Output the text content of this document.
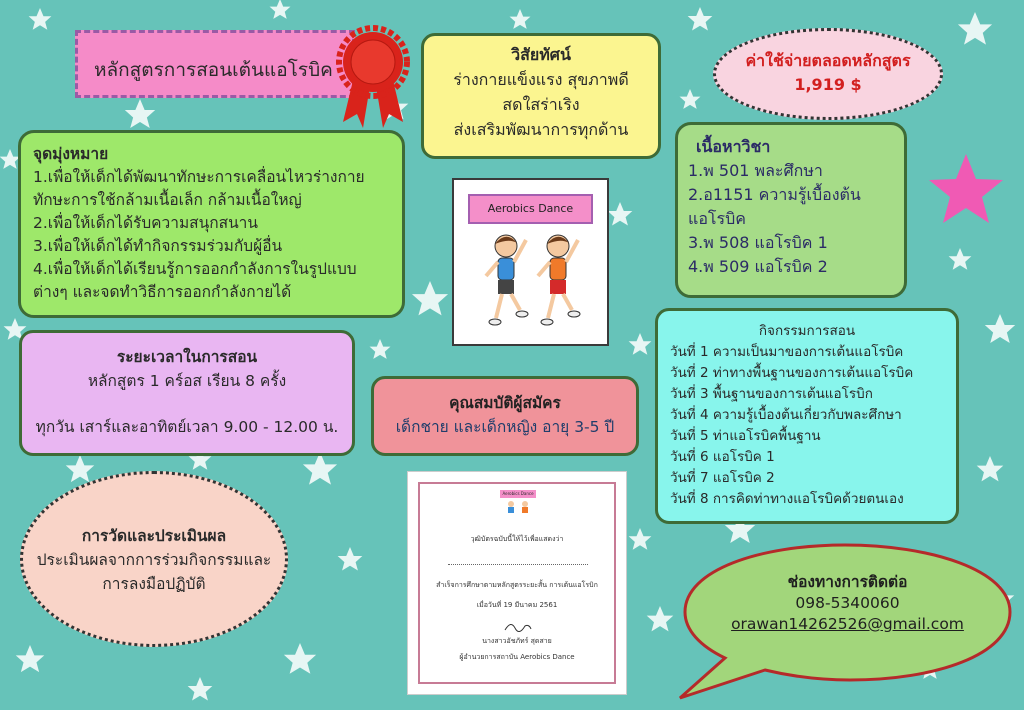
หลักสูตรการสอนเต้นแอโรบิค
วิสัยทัศน์
ร่างกายแข็งแรง สุขภาพดี
สดใสร่าเริง
ส่งเสริมพัฒนาการทุกด้าน
ค่าใช้จ่ายตลอดหลักสูตร
1,919 $
จุดมุ่งหมาย
1.เพื่อให้เด็กได้พัฒนาทักษะการเคลื่อนไหวร่างกาย
ทักษะการใช้กล้ามเนื้อเล็ก กล้ามเนื้อใหญ่
2.เพื่อให้เด็กได้รับความสนุกสนาน
3.เพื่อให้เด็กได้ทำกิจกรรมร่วมกับผู้อื่น
4.เพื่อให้เด็กได้เรียนรู้การออกกำลังการในรูปแบบ
ต่างๆ และจดทำวิธีการออกกำลังกายได้
Aerobics Dance
เนื้อหาวิชา
1.พ 501 พละศึกษา
2.อ1151 ความรู้เบื้องต้น
แอโรบิค
3.พ 508 แอโรบิค 1
4.พ 509 แอโรบิค 2
ระยะเวลาในการสอน
หลักสูตร 1 คร์อส เรียน 8 ครั้ง
ทุกวัน เสาร์และอาทิตย์เวลา 9.00 - 12.00 น.
คุณสมบัติผู้สมัคร
เด็กชาย และเด็กหญิง อายุ 3-5 ปี
กิจกรรมการสอน
วันที่ 1 ความเป็นมาของการเต้นแอโรบิค
วันที่ 2 ท่าทางพื้นฐานของการเต้นแอโรบิค
วันที่ 3 พื้นฐานของการเต้นแอโรบิก
วันที่ 4 ความรู้เบื้องต้นเกี่ยวกับพละศึกษา
วันที่ 5 ท่าแอโรบิคพื้นฐาน
วันที่ 6 แอโรบิค 1
วันที่ 7 แอโรบิค 2
วันที่ 8 การคิดท่าทางแอโรบิคด้วยตนเอง
การวัดและประเมินผล
ประเมินผลจากการร่วมกิจกรรมและ
การลงมือปฏิบัติ
Aerobics Dance
วุฒิบัตรฉบับนี้ให้ไว้เพื่อแสดงว่า
สำเร็จการศึกษาตามหลักสูตรระยะสั้น การเต้นแอโรบิก
เมื่อวันที่ 19 มีนาคม 2561
นางสาวอัชภัทร์ สุดสาย
ผู้อำนวยการสถาบัน Aerobics Dance
ช่องทางการติดต่อ
098-5340060
orawan14262526@gmail.com
